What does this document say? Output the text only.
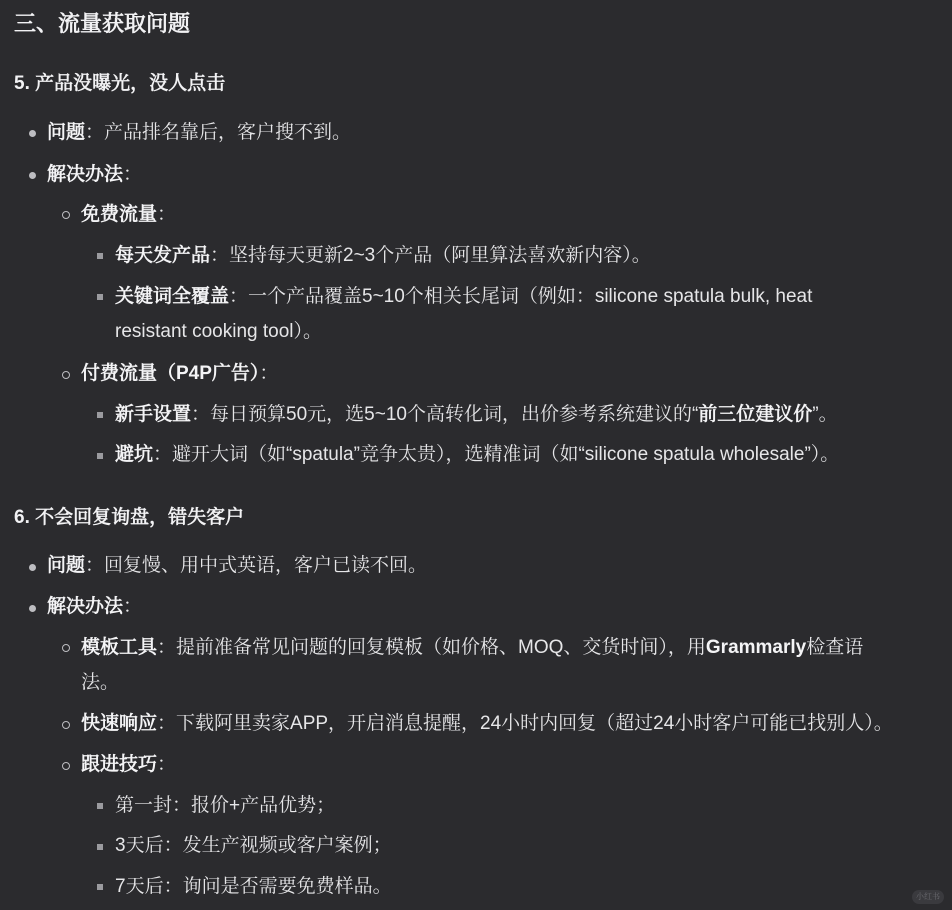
三、流量获取问题
5. 产品没曝光，没人点击
问题：产品排名靠后，客户搜不到。
解决办法：
免费流量：
每天发产品：坚持每天更新2~3个产品（阿里算法喜欢新内容）。
关键词全覆盖：一个产品覆盖5~10个相关长尾词（例如：silicone spatula bulk, heat
resistant cooking tool）。
付费流量（P4P广告）：
新手设置：每日预算50元，选5~10个高转化词，出价参考系统建议的“前三位建议价”。
避坑：避开大词（如“spatula”竞争太贵），选精准词（如“silicone spatula wholesale”）。
6. 不会回复询盘，错失客户
问题：回复慢、用中式英语，客户已读不回。
解决办法：
模板工具：提前准备常见问题的回复模板（如价格、MOQ、交货时间），用Grammarly检查语
法。
快速响应：下载阿里卖家APP，开启消息提醒，24小时内回复（超过24小时客户可能已找别人）。
跟进技巧：
第一封：报价+产品优势；
3天后：发生产视频或客户案例；
7天后：询问是否需要免费样品。	小红书
